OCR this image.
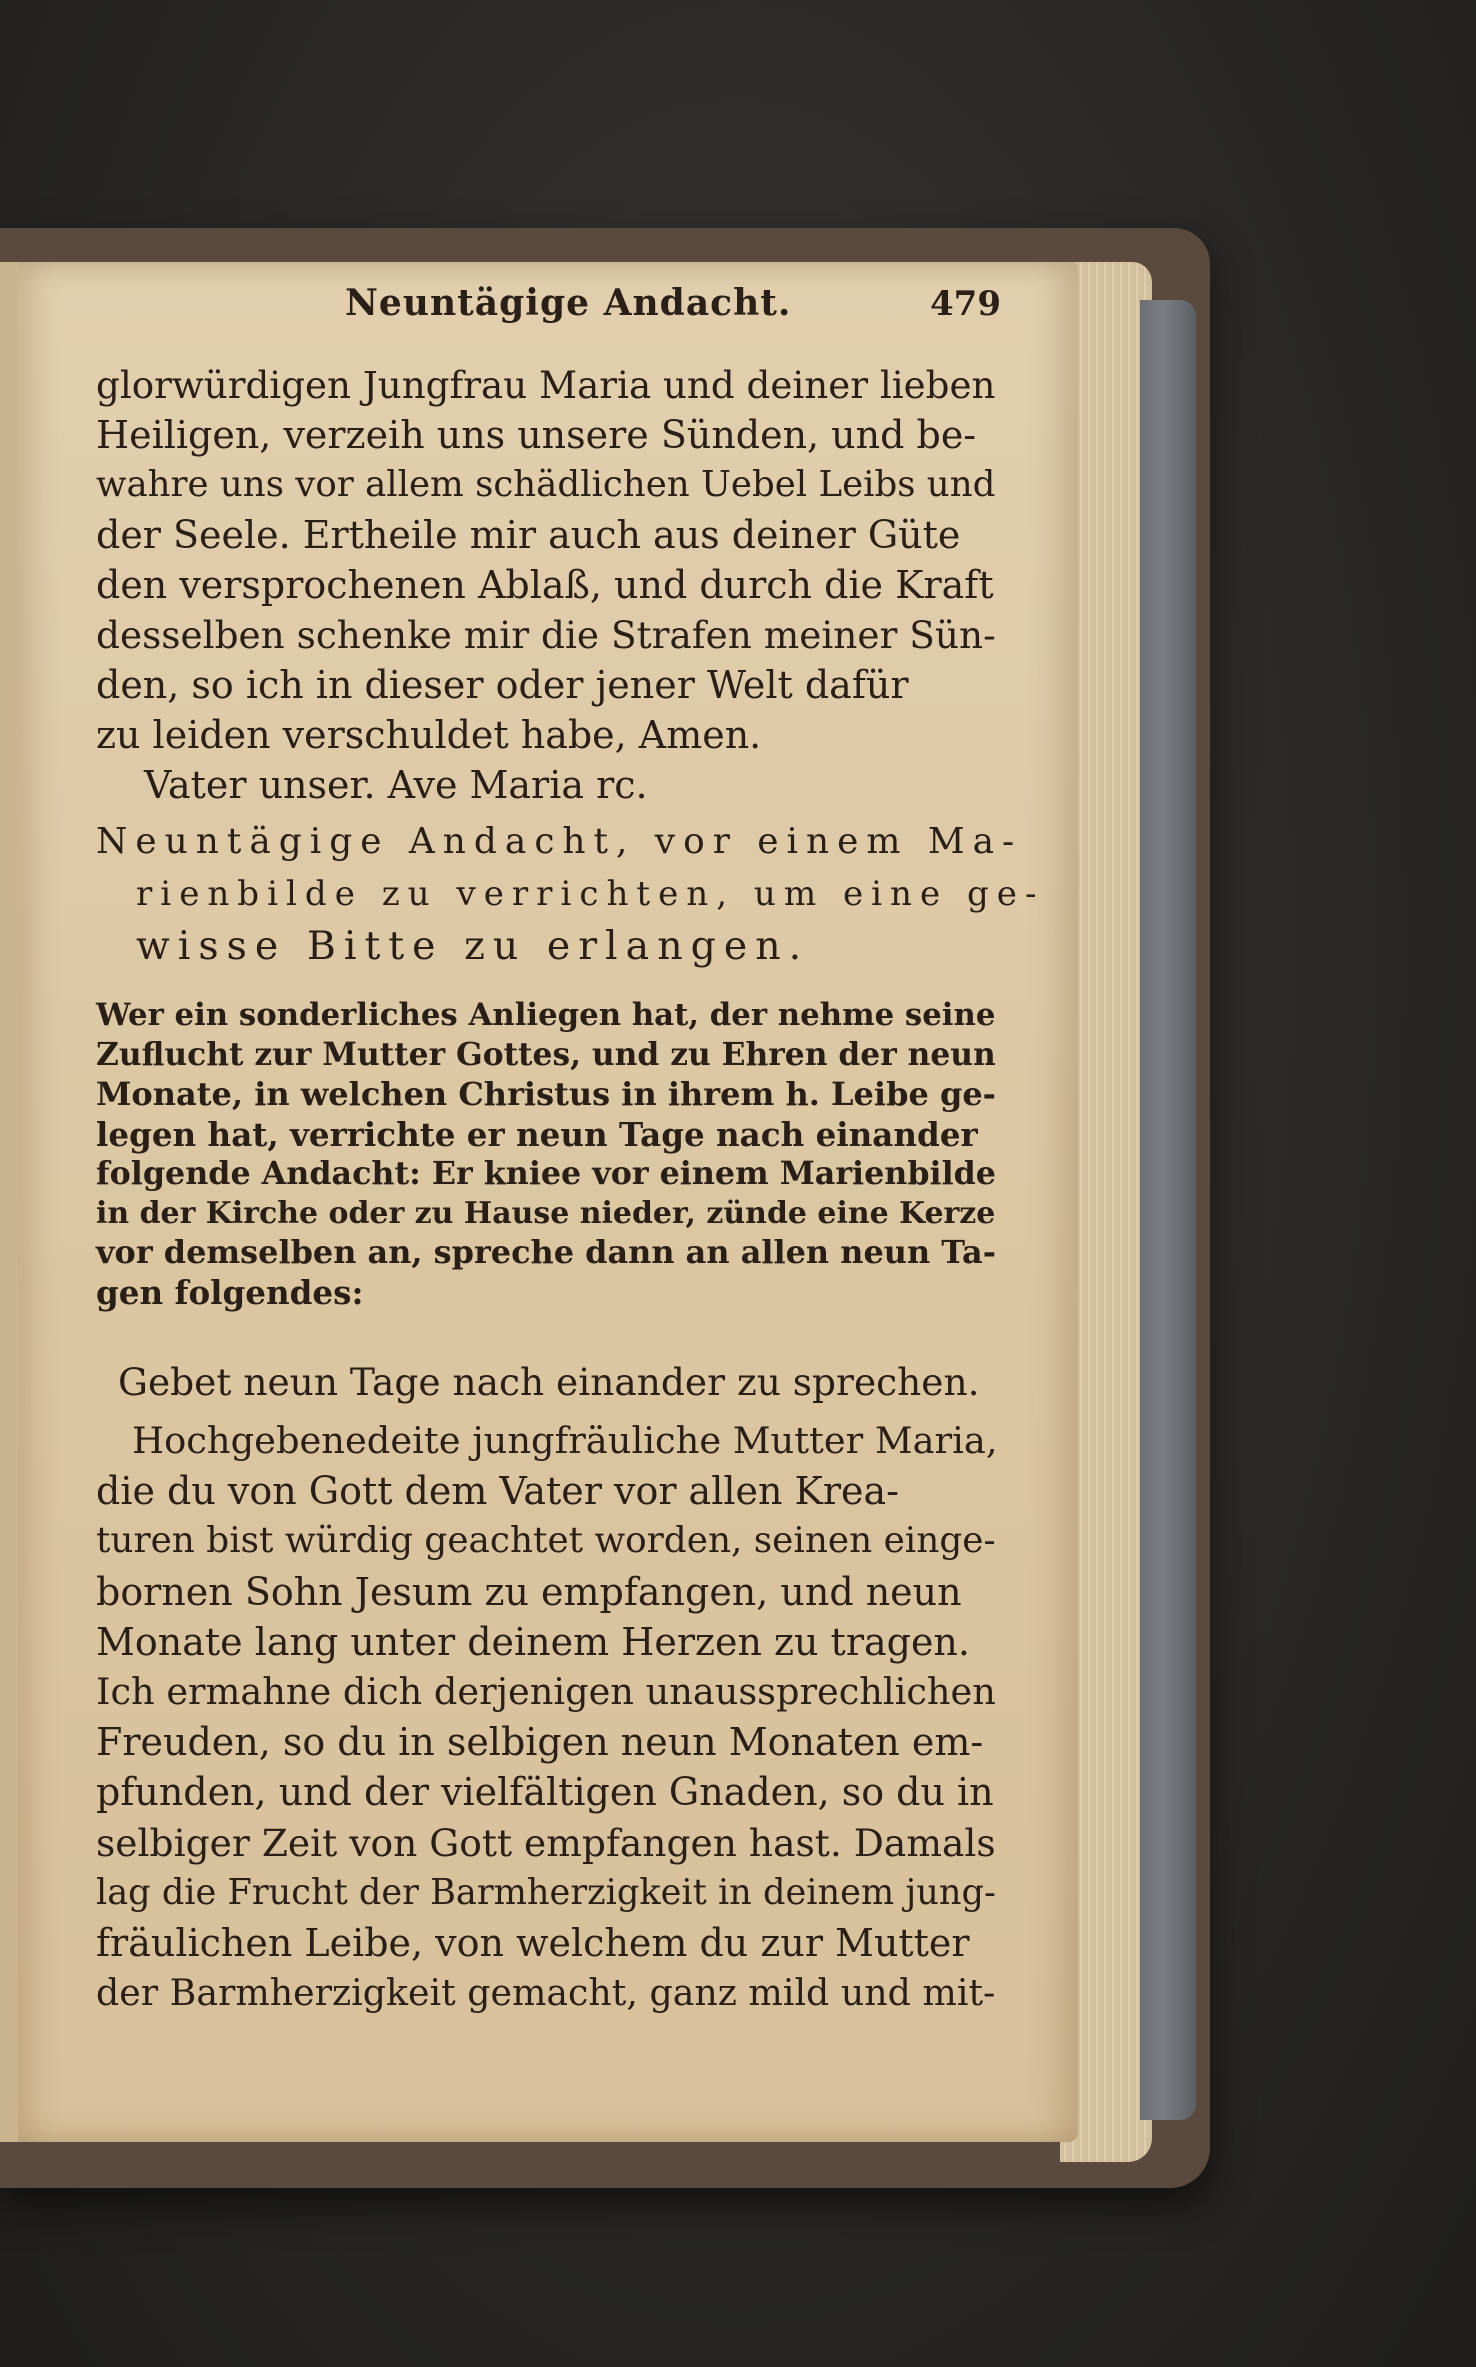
Neuntägige Andacht.	479
glorwürdigen Jungfrau Maria und deiner lieben
Heiligen, verzeih uns unsere Sünden, und be-
wahre uns vor allem schädlichen Uebel Leibs und
der Seele. Ertheile mir auch aus deiner Güte
den versprochenen Ablaß, und durch die Kraft
desselben schenke mir die Strafen meiner Sün-
den, so ich in dieser oder jener Welt dafür
zu leiden verschuldet habe, Amen.
Vater unser. Ave Maria rc.
Neuntägige Andacht, vor einem Ma-
rienbilde zu verrichten, um eine ge-
wisse Bitte zu erlangen.
Wer ein sonderliches Anliegen hat, der nehme seine
Zuflucht zur Mutter Gottes, und zu Ehren der neun
Monate, in welchen Christus in ihrem h. Leibe ge-
legen hat, verrichte er neun Tage nach einander
folgende Andacht: Er kniee vor einem Marienbilde
in der Kirche oder zu Hause nieder, zünde eine Kerze
vor demselben an, spreche dann an allen neun Ta-
gen folgendes:
Gebet neun Tage nach einander zu sprechen.
Hochgebenedeite jungfräuliche Mutter Maria,
die du von Gott dem Vater vor allen Krea-
turen bist würdig geachtet worden, seinen einge-
bornen Sohn Jesum zu empfangen, und neun
Monate lang unter deinem Herzen zu tragen.
Ich ermahne dich derjenigen unaussprechlichen
Freuden, so du in selbigen neun Monaten em-
pfunden, und der vielfältigen Gnaden, so du in
selbiger Zeit von Gott empfangen hast. Damals
lag die Frucht der Barmherzigkeit in deinem jung-
fräulichen Leibe, von welchem du zur Mutter
der Barmherzigkeit gemacht, ganz mild und mit-
